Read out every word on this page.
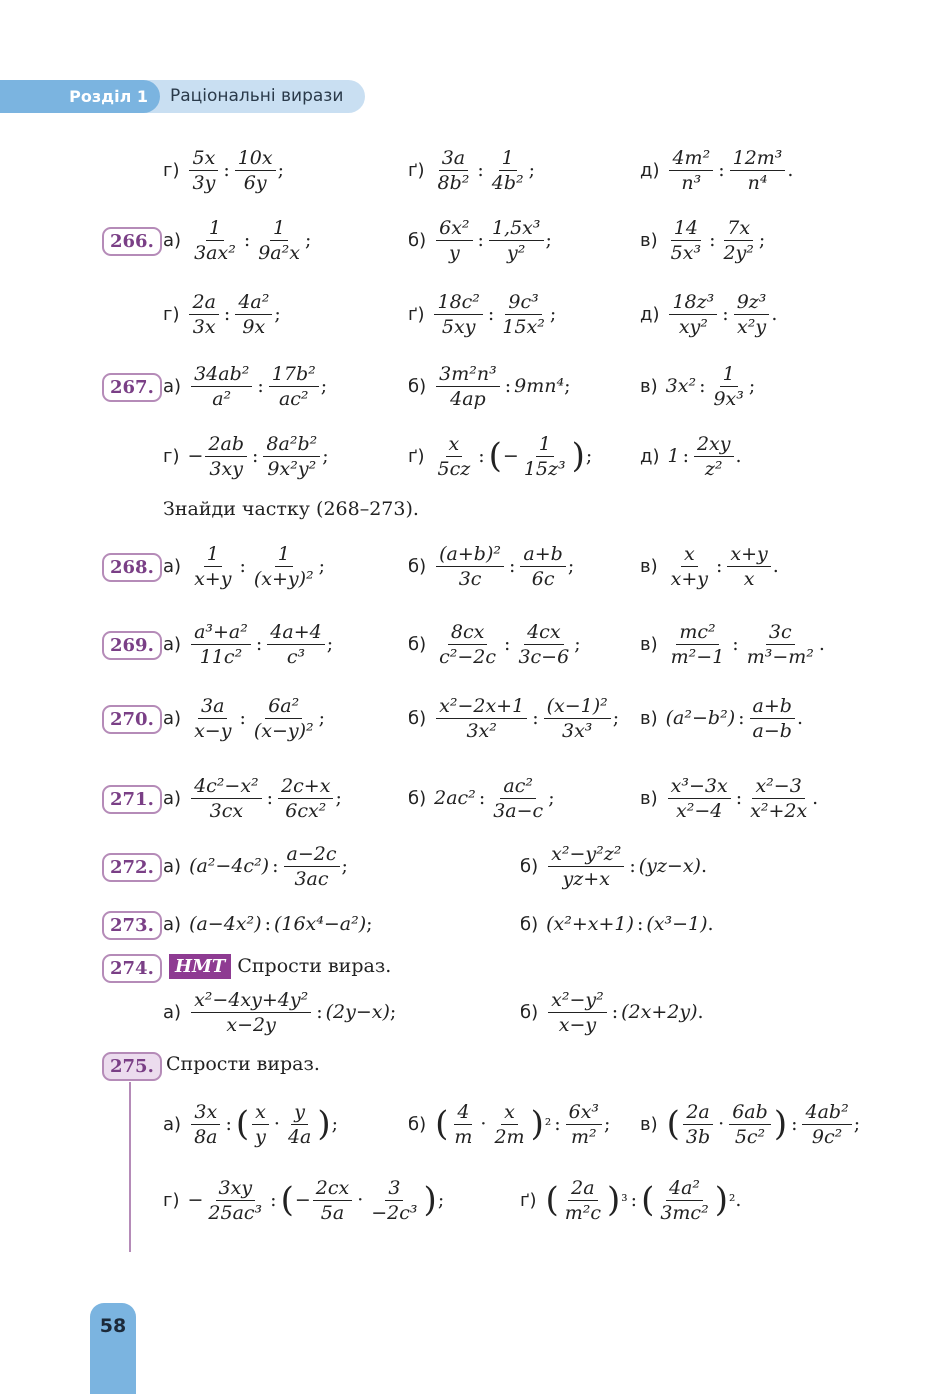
Розділ 1	Раціональні вирази
г)
5x
3y
:
10x
6y
;	ґ)
3a
8b²
:
1
4b²
;	д)
4m²
n³
:
12m³
n⁴
.
266. а)
1
3ax²
:
1
9a²x
;	б)
6x²
y
:
1,5x³
y²
;	в)
14
5x³
:
7x
2y²
;
г)
2a
3x
:
4a²
9x
;	ґ)
18c²
5xy
:
9c³
15x²
;	д)
18z³
xy²
:
9z³
x²y
.
267. а)
34ab²
a²
:
17b²
ac²
;	б)
3m²n³
4ap
: 9mn⁴ ;	в) 3x² :
1
9x³
;
$г) - \frac{2ab}{3xy}$ :
8a²b²
9x²y²
;	ґ)
x
5cz
: ( − $\frac{1}{\text{15z³}}$ ) ;	д) 1 :
2xy
z²
.
268. а)
1
x+y
:
1
(x+y)²
;	б)
(a+b)²
3c
:
a+b
6c
;	в)
x
x+y
:
x+y
x
.
269. а)
a³+a²
11c²
:
4a+4
c³
;	б)
8cx
c²−2c
:
4cx
3c−6
;	в)
mc²
m²−1
:
3c
m³−m²
.
270. а)
3a
x−y
:
6a²
(x−y)²
;	б)
x²−2x+1
3x²
:
(x−1)²
3x³
; в) (a²−b²) :
a+b
a−b
.
271. а)
4c²−x²
3cx
:
2c+x
6cx²
;	б) 2ac² :
ac²
3a−c
;	в)
x³−3x
x²−4
:
x²−3
x²+2x
.
272. а) (a²−4c²) :
a−2c
3ac
;	б)
x²−y²z²
yz+x
: (yz−x) .
273. а) (a−4x²) : (16x⁴−a²) ;	б) (x²+x+1) : (x³−1) .
а)
x²−4xy+4y²
x−2y
: (2y−x) ;	б)
x²−y²
x−y
: (2x+2y) .
а)
3x
8a
: ( x
y
·
y
4a ) ;	б) ( 4
m
·
x
2m ) ² :
6x³
m²
; в) ( 2a
3b
·
6ab
5c² ) :
4ab²
9c²
;
$г) - \frac{3xy}{\text{25ac³}}$ : ( − $\frac{2cx}{5a}$ ·
3
−2c³ ) ;	ґ) ( 2a
m²c ) ³ : ( 4a²
3mc² ) ² .
Знайди частку (268–273).
274.	НМТ Спрости вираз.
275. Спрости вираз.
58
